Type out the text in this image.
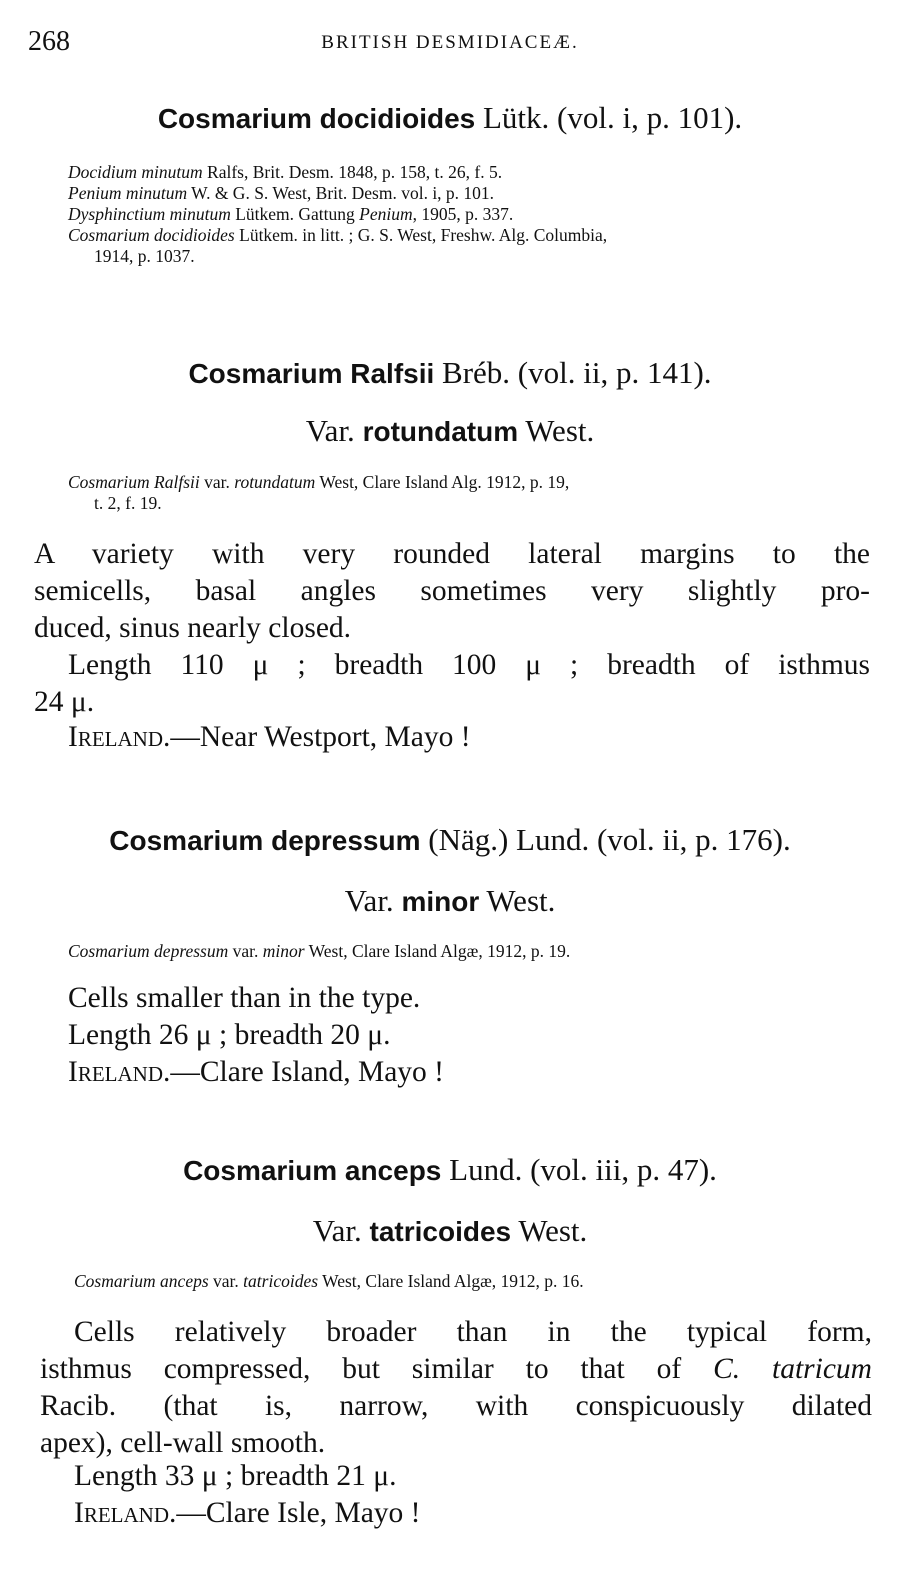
268	BRITISH DESMIDIACEÆ.
Cosmarium docidioides Lütk. (vol. i, p. 101).
Docidium minutum Ralfs, Brit. Desm. 1848, p. 158, t. 26, f. 5.
Penium minutum W. & G. S. West, Brit. Desm. vol. i, p. 101.
Dysphinctium minutum Lütkem. Gattung Penium, 1905, p. 337.
Cosmarium docidioides Lütkem. in litt. ; G. S. West, Freshw. Alg. Columbia,
1914, p. 1037.
Cosmarium Ralfsii Bréb. (vol. ii, p. 141).
Var. rotundatum West.
Cosmarium Ralfsii var. rotundatum West, Clare Island Alg. 1912, p. 19,
t. 2, f. 19.
A variety with very rounded lateral margins to the
semicells, basal angles sometimes very slightly pro-
duced, sinus nearly closed.
Length 110 μ ; breadth 100 μ ; breadth of isthmus
24 μ.
Ireland.—Near Westport, Mayo !
Cosmarium depressum (Näg.) Lund. (vol. ii, p. 176).
Var. minor West.
Cosmarium depressum var. minor West, Clare Island Algæ, 1912, p. 19.
Cells smaller than in the type.
Length 26 μ ; breadth 20 μ.
Ireland.—Clare Island, Mayo !
Cosmarium anceps Lund. (vol. iii, p. 47).
Var. tatricoides West.
Cosmarium anceps var. tatricoides West, Clare Island Algæ, 1912, p. 16.
Cells relatively broader than in the typical form,
isthmus compressed, but similar to that of C. tatricum
Racib. (that is, narrow, with conspicuously dilated
apex), cell-wall smooth.
Length 33 μ ; breadth 21 μ.
Ireland.—Clare Isle, Mayo !
